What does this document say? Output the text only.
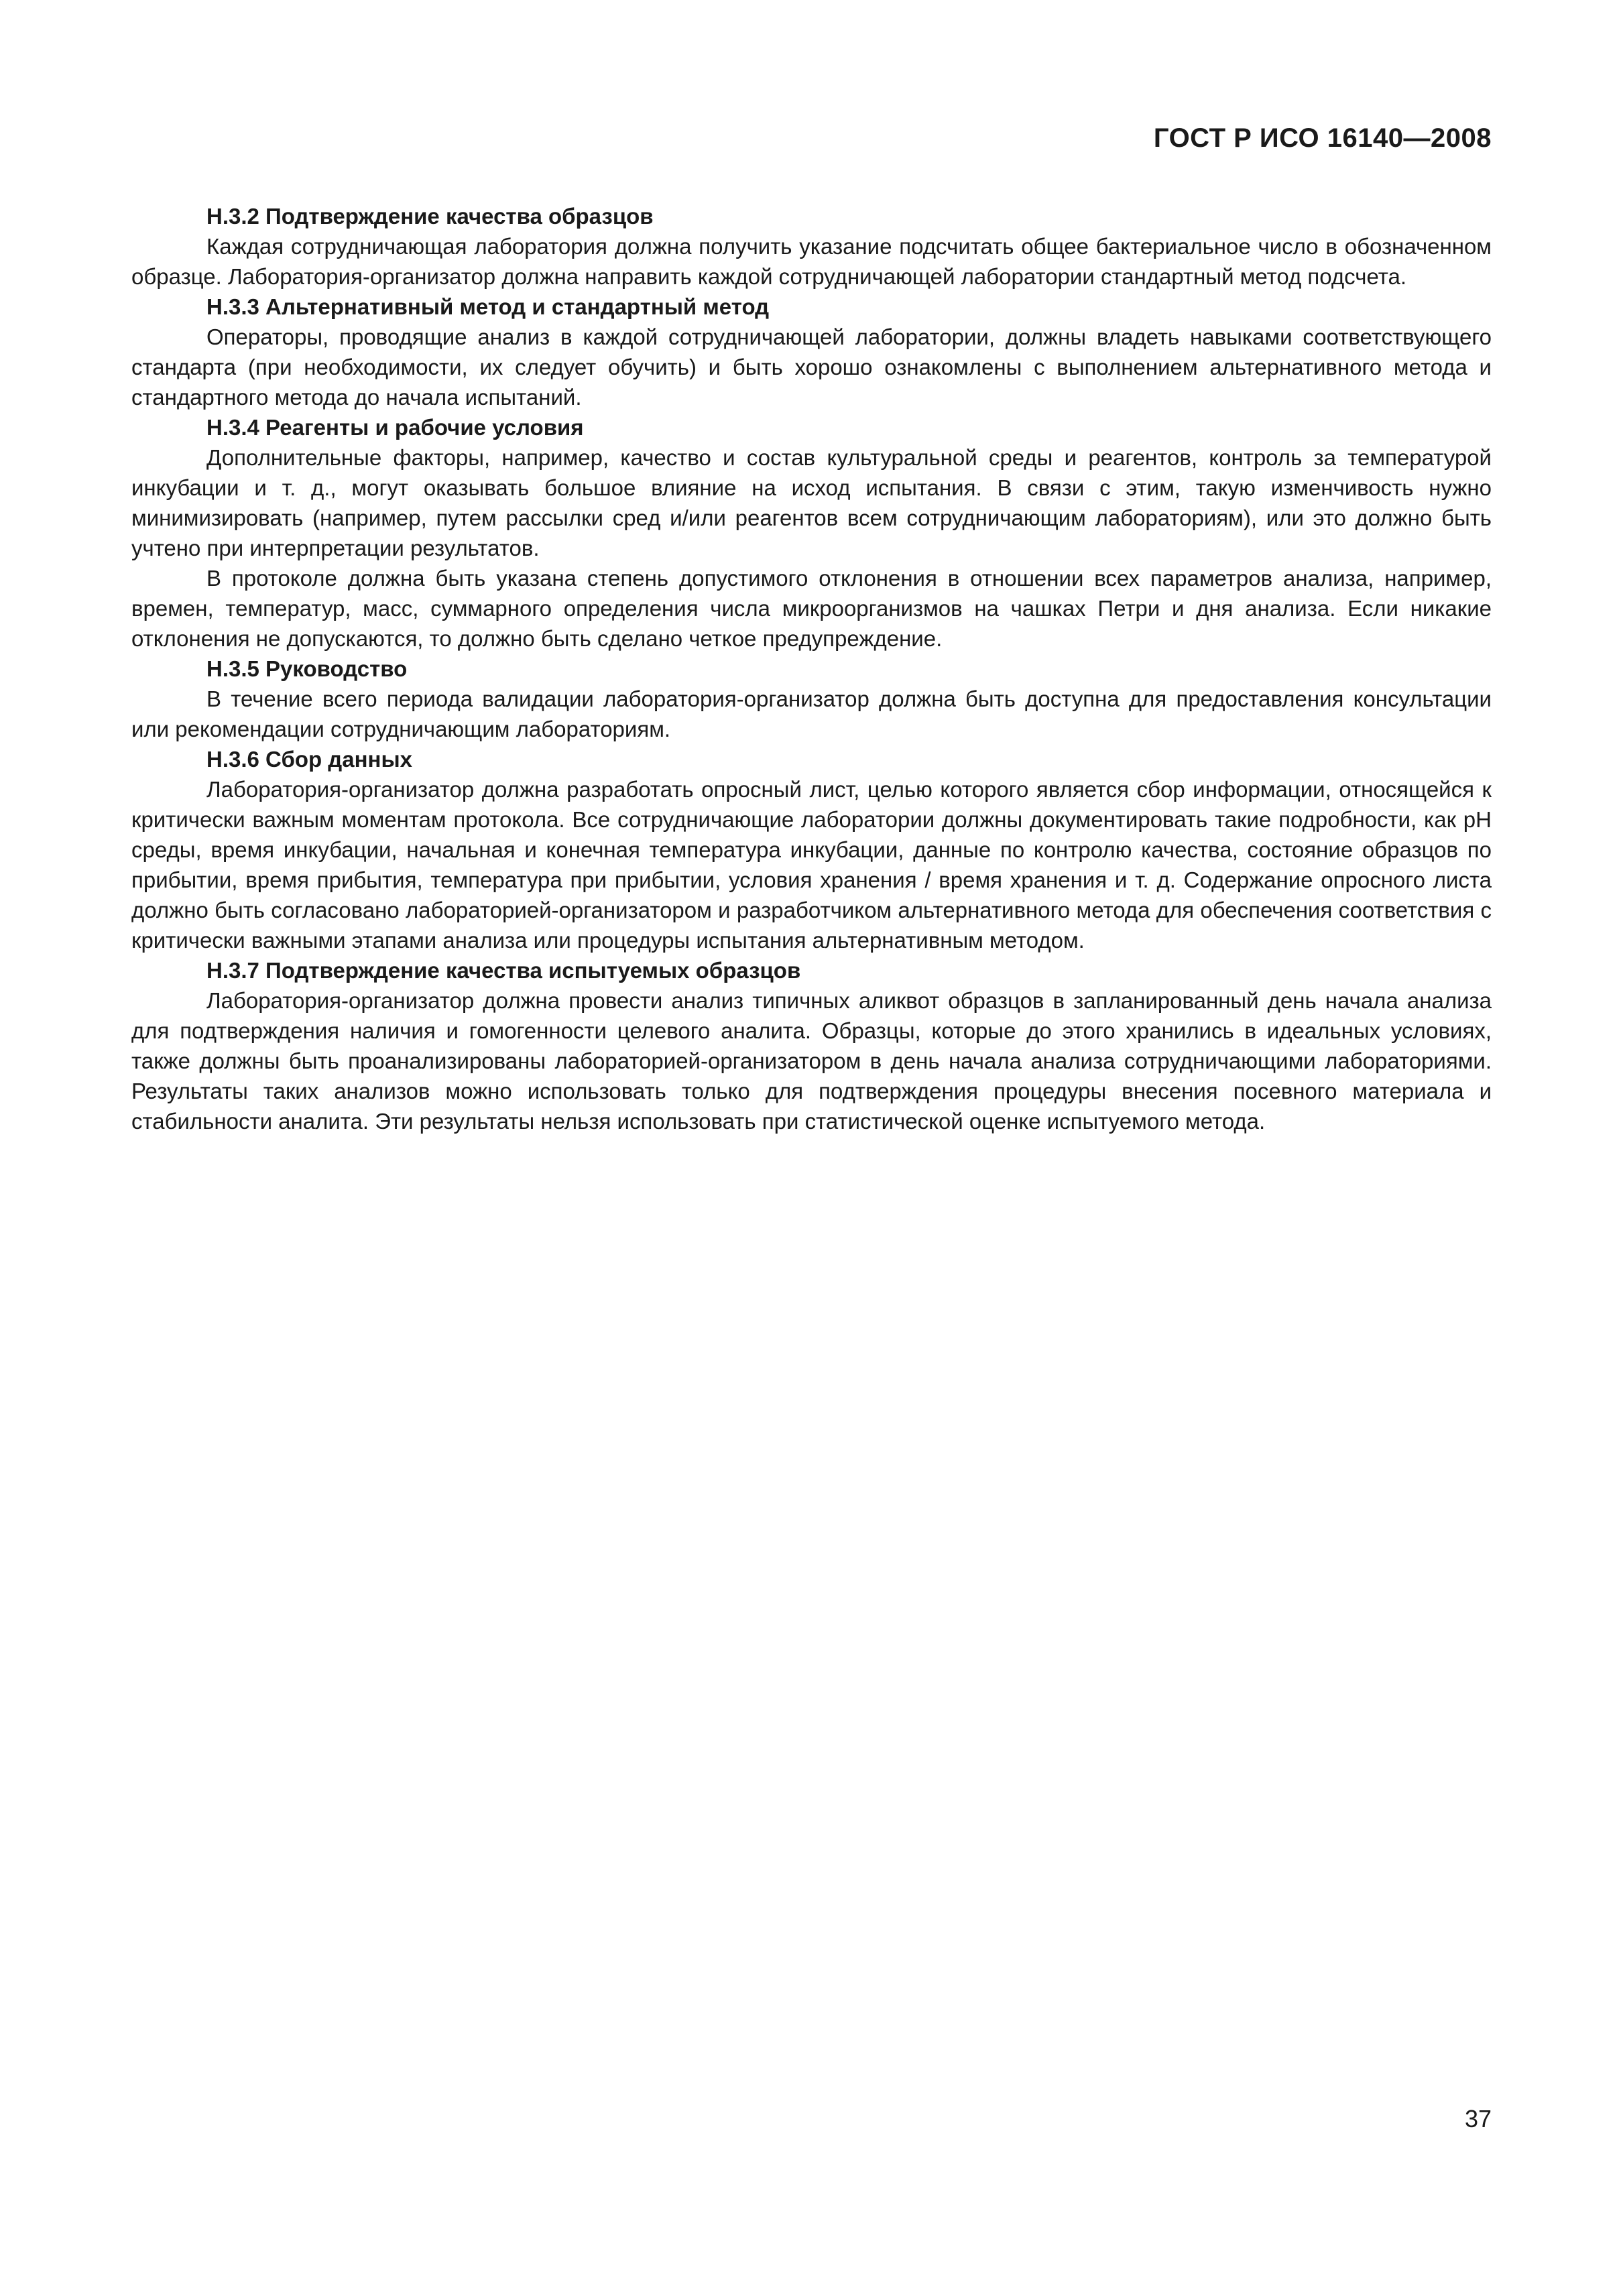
ГОСТ Р ИСО 16140—2008

H.3.2 Подтверждение качества образцов

Каждая сотрудничающая лаборатория должна получить указание подсчитать общее бактериальное число в обозначенном образце. Лаборатория-организатор должна направить каждой сотрудничающей лаборатории стандартный метод подсчета.

H.3.3 Альтернативный метод и стандартный метод

Операторы, проводящие анализ в каждой сотрудничающей лаборатории, должны владеть навыками соответствующего стандарта (при необходимости, их следует обучить) и быть хорошо ознакомлены с выполнением альтернативного метода и стандартного метода до начала испытаний.

H.3.4 Реагенты и рабочие условия

Дополнительные факторы, например, качество и состав культуральной среды и реагентов, контроль за температурой инкубации и т. д., могут оказывать большое влияние на исход испытания. В связи с этим, такую изменчивость нужно минимизировать (например, путем рассылки сред и/или реагентов всем сотрудничающим лабораториям), или это должно быть учтено при интерпретации результатов.

В протоколе должна быть указана степень допустимого отклонения в отношении всех параметров анализа, например, времен, температур, масс, суммарного определения числа микроорганизмов на чашках Петри и дня анализа. Если никакие отклонения не допускаются, то должно быть сделано четкое предупреждение.

H.3.5 Руководство

В течение всего периода валидации лаборатория-организатор должна быть доступна для предоставления консультации или рекомендации сотрудничающим лабораториям.

H.3.6 Сбор данных

Лаборатория-организатор должна разработать опросный лист, целью которого является сбор информации, относящейся к критически важным моментам протокола. Все сотрудничающие лаборатории должны документировать такие подробности, как pH среды, время инкубации, начальная и конечная температура инкубации, данные по контролю качества, состояние образцов по прибытии, время прибытия, температура при прибытии, условия хранения / время хранения и т. д. Содержание опросного листа должно быть согласовано лабораторией-организатором и разработчиком альтернативного метода для обеспечения соответствия с критически важными этапами анализа или процедуры испытания альтернативным методом.

H.3.7 Подтверждение качества испытуемых образцов

Лаборатория-организатор должна провести анализ типичных аликвот образцов в запланированный день начала анализа для подтверждения наличия и гомогенности целевого аналита. Образцы, которые до этого хранились в идеальных условиях, также должны быть проанализированы лабораторией-организатором в день начала анализа сотрудничающими лабораториями. Результаты таких анализов можно использовать только для подтверждения процедуры внесения посевного материала и стабильности аналита. Эти результаты нельзя использовать при статистической оценке испытуемого метода.

37
